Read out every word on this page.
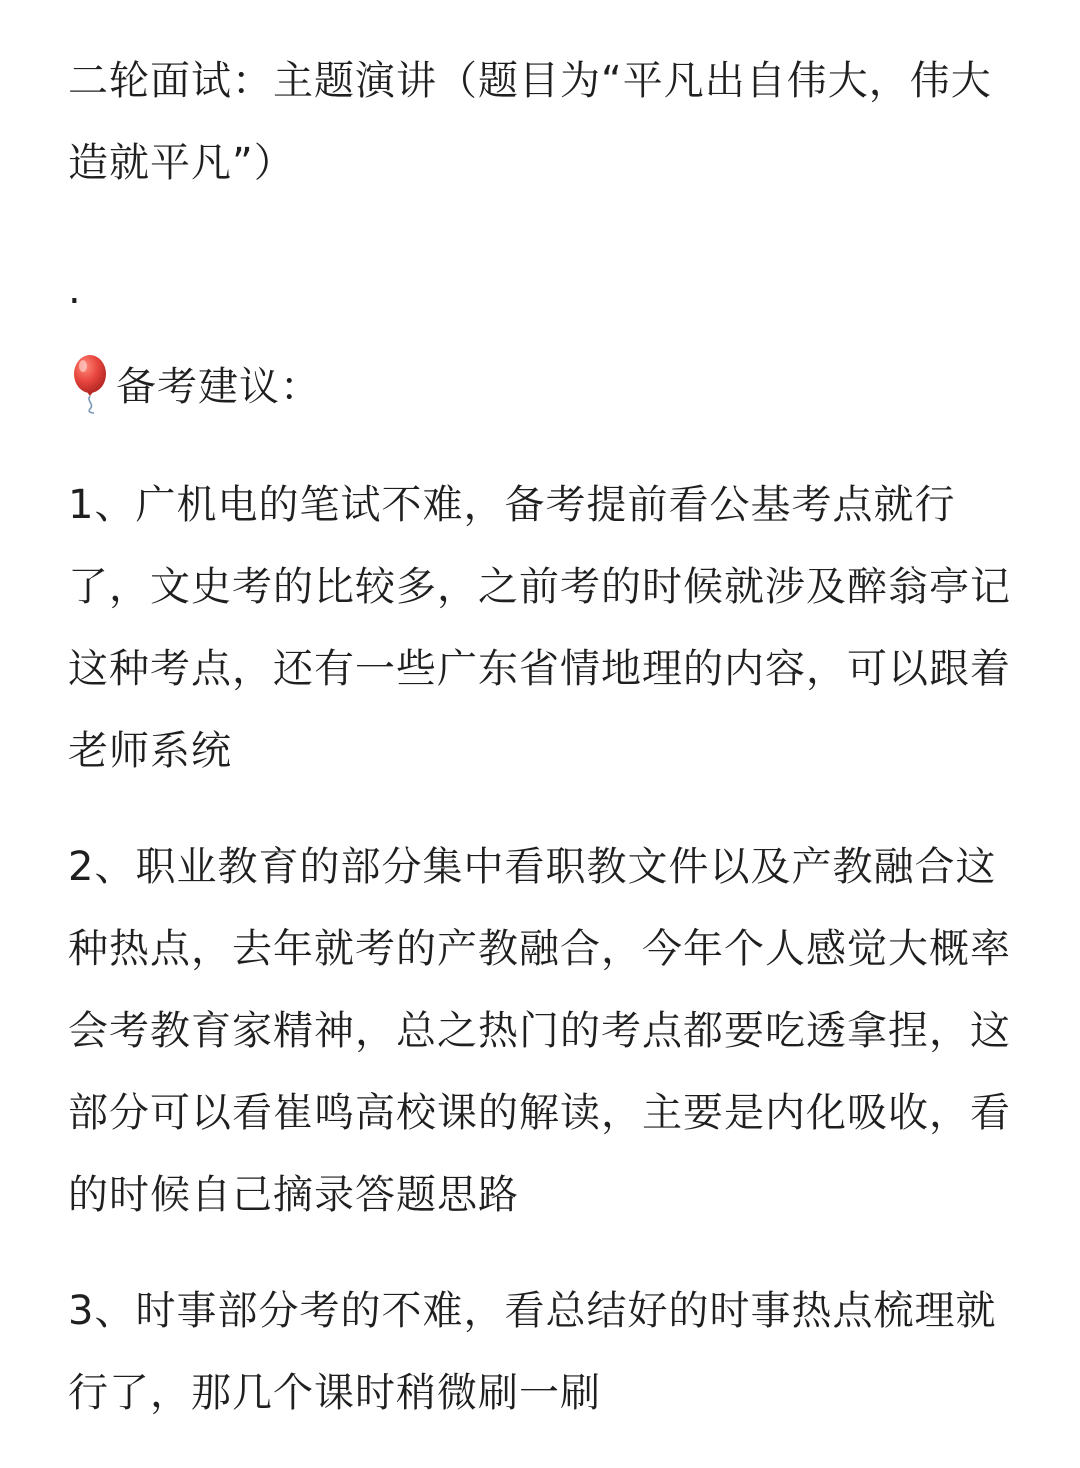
二轮面试：主题演讲（题目为“平凡出自伟大，伟大造就平凡”）

.

备考建议：

1、广机电的笔试不难，备考提前看公基考点就行了，文史考的比较多，之前考的时候就涉及醉翁亭记这种考点，还有一些广东省情地理的内容，可以跟着老师系统

2、职业教育的部分集中看职教文件以及产教融合这种热点，去年就考的产教融合，今年个人感觉大概率会考教育家精神，总之热门的考点都要吃透拿捏，这部分可以看崔鸣高校课的解读，主要是内化吸收，看的时候自己摘录答题思路

3、时事部分考的不难，看总结好的时事热点梳理就行了，那几个课时稍微刷一刷
